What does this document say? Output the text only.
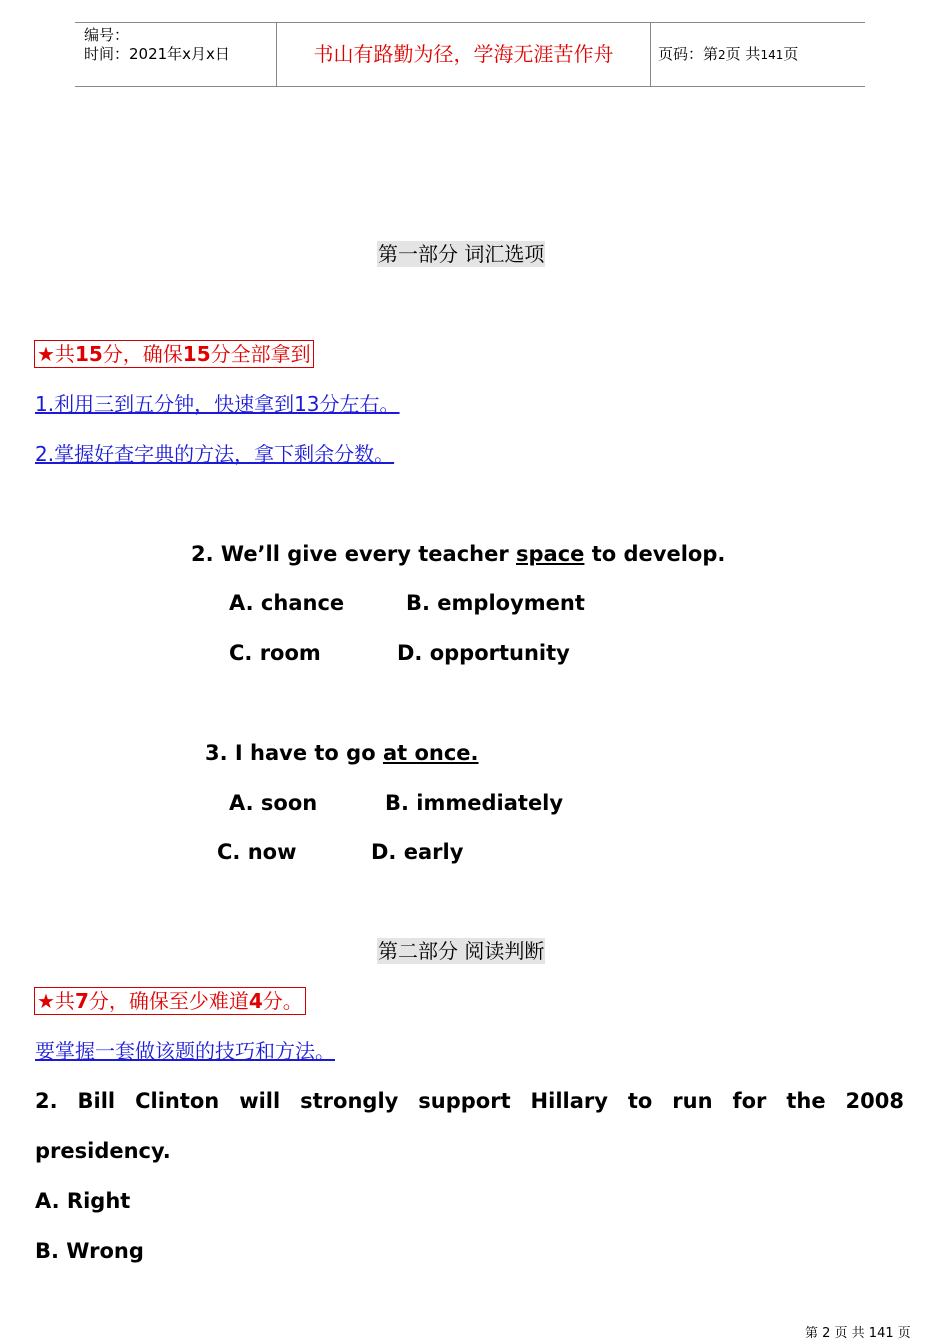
编号：
时间：2021年x月x日	书山有路勤为径，学海无涯苦作舟	页码：第2页 共141页
第一部分 词汇选项
★共15分，确保15分全部拿到
1.利用三到五分钟，快速拿到13分左右。
2.掌握好查字典的方法，拿下剩余分数。
2. We’ll give every teacher space to develop.
A. chance	B. employment
C. room	D. opportunity
3. I have to go at once.
A. soon	B. immediately
C. now	D. early
第二部分 阅读判断
★共7分，确保至少难道4分。
要掌握一套做该题的技巧和方法。
2. Bill Clinton will strongly support Hillary to run for the 2008
presidency.
A. Right
B. Wrong
第 2 页 共 141 页
